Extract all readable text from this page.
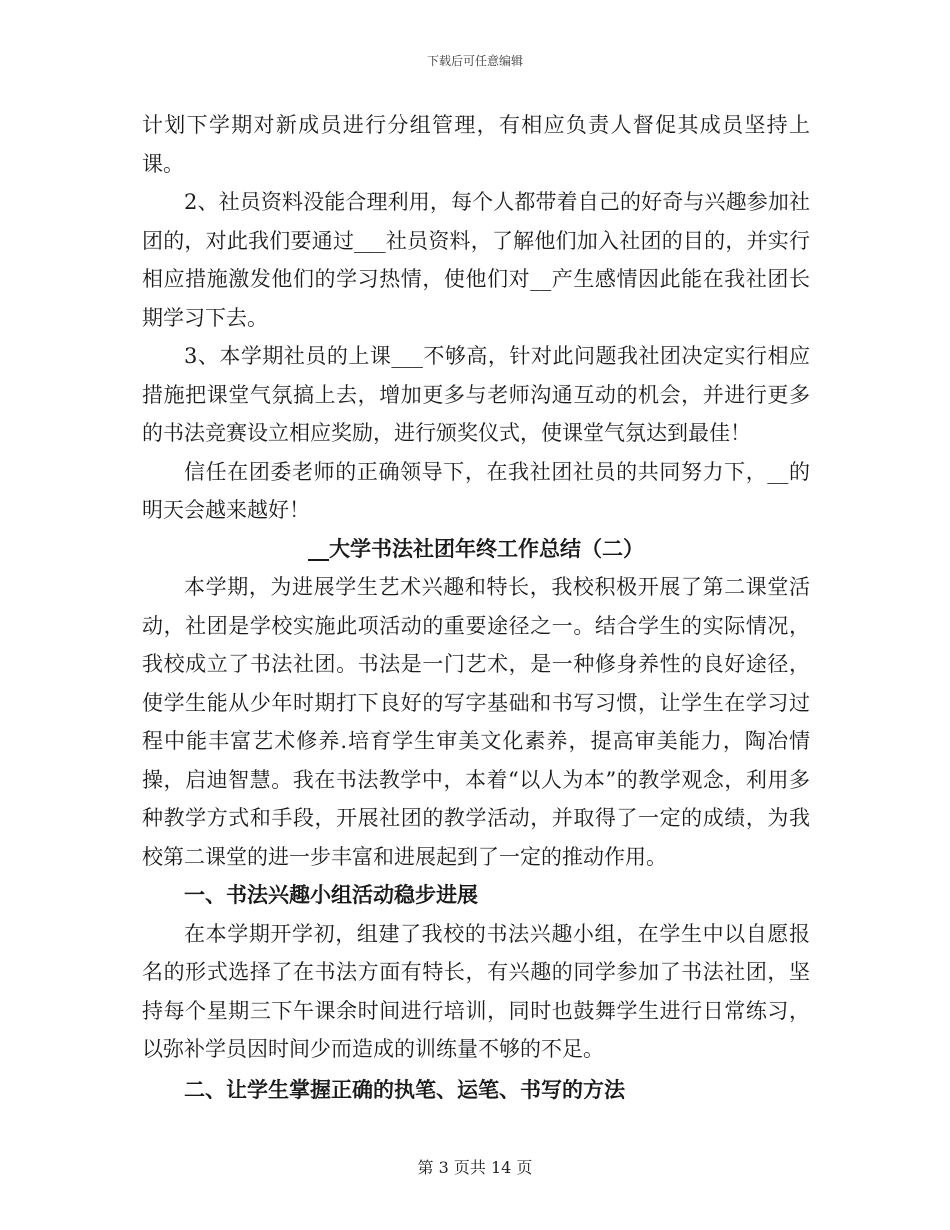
下载后可任意编辑

计划下学期对新成员进行分组管理，有相应负责人督促其成员坚持上课。

2、社员资料没能合理利用，每个人都带着自己的好奇与兴趣参加社团的，对此我们要通过___社员资料，了解他们加入社团的目的，并实行相应措施激发他们的学习热情，使他们对__产生感情因此能在我社团长期学习下去。

3、本学期社员的上课___不够高，针对此问题我社团决定实行相应措施把课堂气氛搞上去，增加更多与老师沟通互动的机会，并进行更多的书法竞赛设立相应奖励，进行颁奖仪式，使课堂气氛达到最佳！

信任在团委老师的正确领导下，在我社团社员的共同努力下，__的明天会越来越好！

__大学书法社团年终工作总结（二）

本学期，为进展学生艺术兴趣和特长，我校积极开展了第二课堂活动，社团是学校实施此项活动的重要途径之一。结合学生的实际情况，我校成立了书法社团。书法是一门艺术，是一种修身养性的良好途径，使学生能从少年时期打下良好的写字基础和书写习惯，让学生在学习过程中能丰富艺术修养.培育学生审美文化素养，提高审美能力，陶冶情操，启迪智慧。我在书法教学中，本着“以人为本”的教学观念，利用多种教学方式和手段，开展社团的教学活动，并取得了一定的成绩，为我校第二课堂的进一步丰富和进展起到了一定的推动作用。

一、书法兴趣小组活动稳步进展

在本学期开学初，组建了我校的书法兴趣小组，在学生中以自愿报名的形式选择了在书法方面有特长，有兴趣的同学参加了书法社团，坚持每个星期三下午课余时间进行培训，同时也鼓舞学生进行日常练习，以弥补学员因时间少而造成的训练量不够的不足。

二、让学生掌握正确的执笔、运笔、书写的方法

第 3 页共 14 页
